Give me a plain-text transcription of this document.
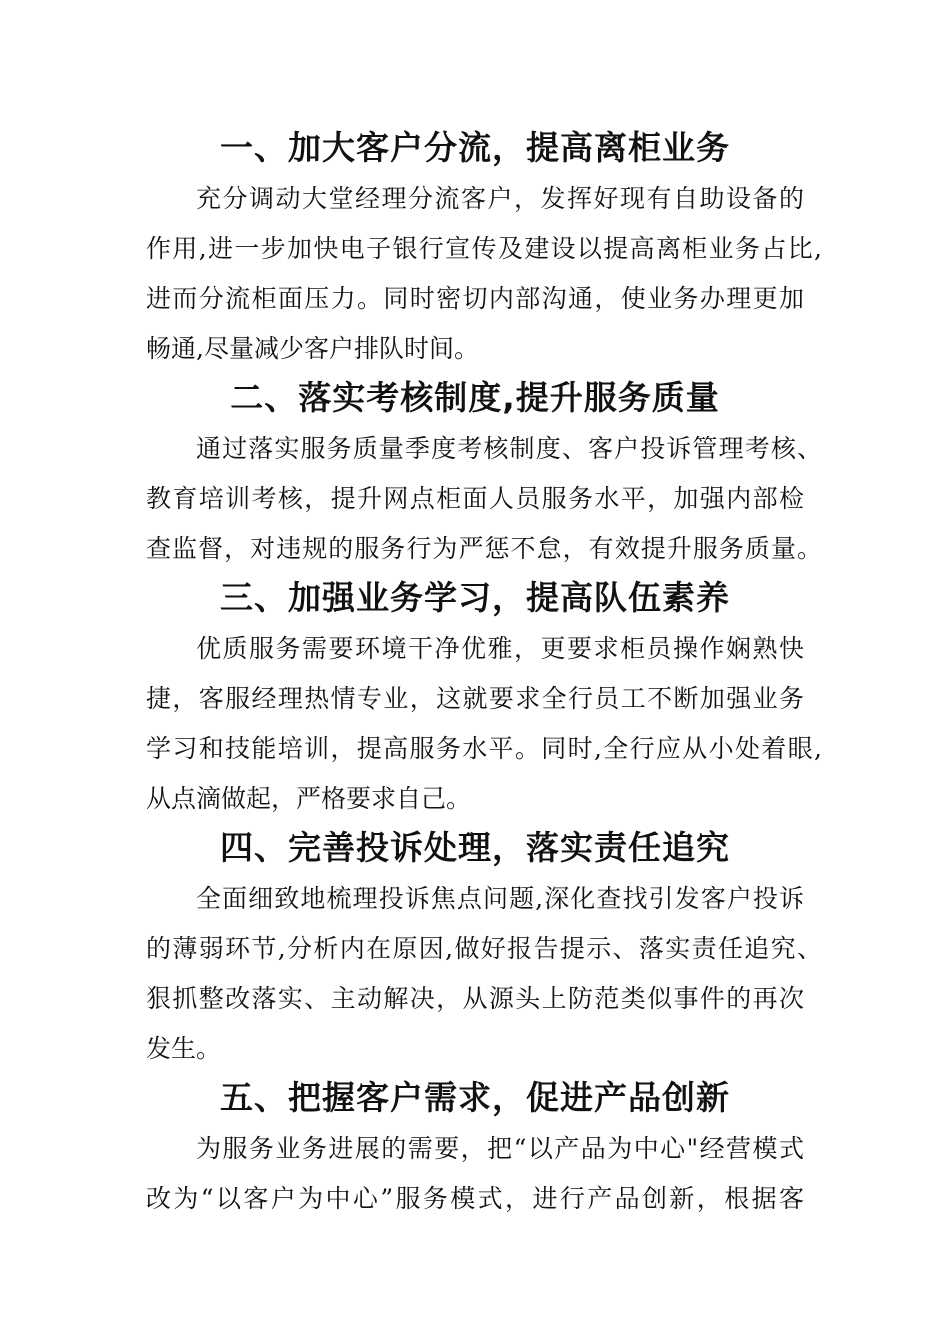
一、加大客户分流，提高离柜业务
充分调动大堂经理分流客户，发挥好现有自助设备的
作用,进一步加快电子银行宣传及建设以提高离柜业务占比,
进而分流柜面压力。同时密切内部沟通，使业务办理更加
畅通,尽量减少客户排队时间。
二、落实考核制度,提升服务质量
通过落实服务质量季度考核制度、客户投诉管理考核、
教育培训考核，提升网点柜面人员服务水平，加强内部检
查监督，对违规的服务行为严惩不怠，有效提升服务质量。
三、加强业务学习，提高队伍素养
优质服务需要环境干净优雅，更要求柜员操作娴熟快
捷，客服经理热情专业，这就要求全行员工不断加强业务
学习和技能培训，提高服务水平。同时,全行应从小处着眼,
从点滴做起，严格要求自己。
四、完善投诉处理，落实责任追究
全面细致地梳理投诉焦点问题,深化查找引发客户投诉
的薄弱环节,分析内在原因,做好报告提示、落实责任追究、
狠抓整改落实、主动解决，从源头上防范类似事件的再次
发生。
五、把握客户需求，促进产品创新
为服务业务进展的需要，把“以产品为中心"经营模式
改为“以客户为中心”服务模式，进行产品创新，根据客
